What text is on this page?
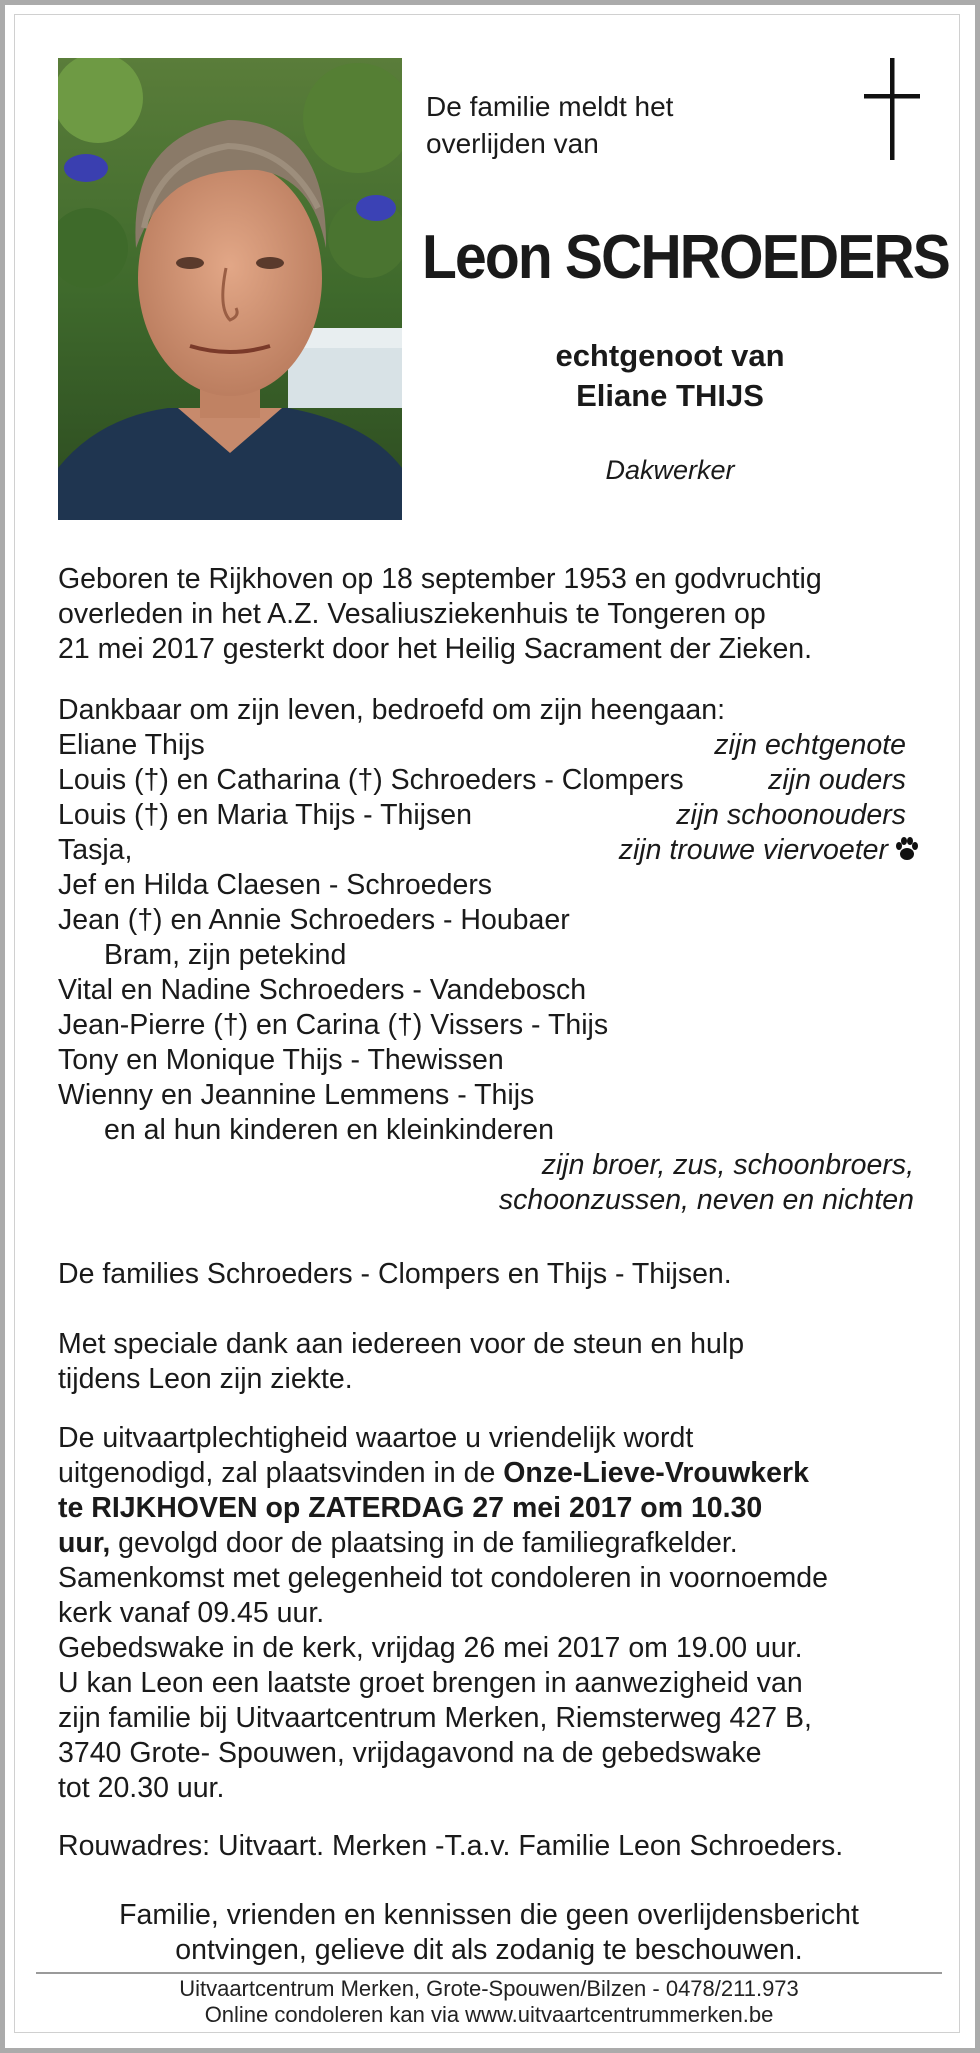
De familie meldt het
overlijden van
Leon SCHROEDERS
echtgenoot van
Eliane THIJS
Dakwerker
Geboren te Rijkhoven op 18 september 1953 en godvruchtig
overleden in het A.Z. Vesaliusziekenhuis te Tongeren op
21 mei 2017 gesterkt door het Heilig Sacrament der Zieken.
Dankbaar om zijn leven, bedroefd om zijn heengaan:
Eliane Thijs	zijn echtgenote
Louis (†) en Catharina (†) Schroeders - Clompers	zijn ouders
Louis (†) en Maria Thijs - Thijsen	zijn schoonouders
Tasja,	zijn trouwe viervoeter
Jef en Hilda Claesen - Schroeders
Jean (†) en Annie Schroeders - Houbaer
Bram, zijn petekind
Vital en Nadine Schroeders - Vandebosch
Jean-Pierre (†) en Carina (†) Vissers - Thijs
Tony en Monique Thijs - Thewissen
Wienny en Jeannine Lemmens - Thijs
en al hun kinderen en kleinkinderen
zijn broer, zus, schoonbroers,
schoonzussen, neven en nichten
De families Schroeders - Clompers en Thijs - Thijsen.
Met speciale dank aan iedereen voor de steun en hulp
tijdens Leon zijn ziekte.
De uitvaartplechtigheid waartoe u vriendelijk wordt
uitgenodigd, zal plaatsvinden in de Onze-Lieve-Vrouwkerk
te RIJKHOVEN op ZATERDAG 27 mei 2017 om 10.30
uur, gevolgd door de plaatsing in de familiegrafkelder.
Samenkomst met gelegenheid tot condoleren in voornoemde
kerk vanaf 09.45 uur.
Gebedswake in de kerk, vrijdag 26 mei 2017 om 19.00 uur.
U kan Leon een laatste groet brengen in aanwezigheid van
zijn familie bij Uitvaartcentrum Merken, Riemsterweg 427 B,
3740 Grote- Spouwen, vrijdagavond na de gebedswake
tot 20.30 uur.
Rouwadres: Uitvaart. Merken -T.a.v. Familie Leon Schroeders.
Familie, vrienden en kennissen die geen overlijdensbericht
ontvingen, gelieve dit als zodanig te beschouwen.
Uitvaartcentrum Merken, Grote-Spouwen/Bilzen - 0478/211.973
Online condoleren kan via www.uitvaartcentrummerken.be
